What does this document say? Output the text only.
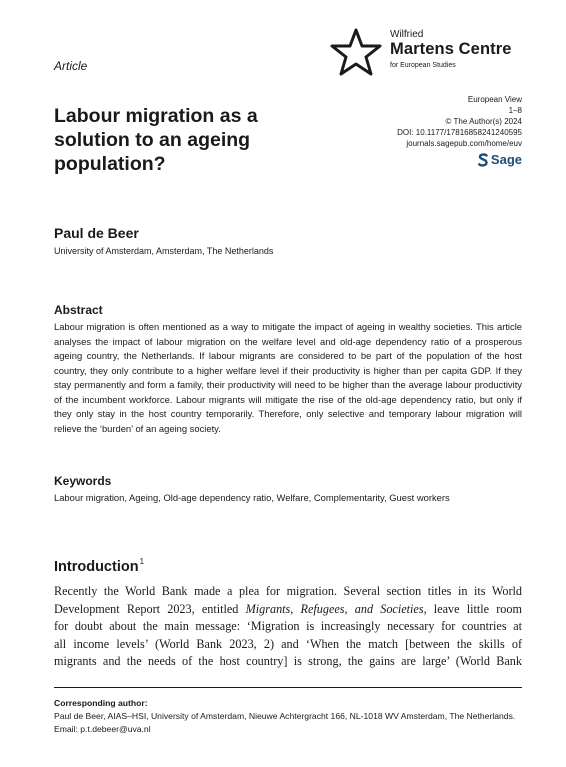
Article
Wilfried
Martens Centre
for European Studies
Labour migration as a solution to an ageing population?
European View
1–8
© The Author(s) 2024
DOI: 10.1177/17816858241240595
journals.sagepub.com/home/euv
Sage
Paul de Beer
University of Amsterdam, Amsterdam, The Netherlands
Abstract
Labour migration is often mentioned as a way to mitigate the impact of ageing in wealthy societies. This article analyses the impact of labour migration on the welfare level and old-age dependency ratio of a prosperous ageing country, the Netherlands. If labour migrants are considered to be part of the population of the host country, they only contribute to a higher welfare level if their productivity is higher than per capita GDP. If they stay permanently and form a family, their productivity will need to be higher than the average labour productivity of the incumbent workforce. Labour migrants will mitigate the rise of the old-age dependency ratio, but only if they only stay in the host country temporarily. Therefore, only selective and temporary labour migration will relieve the ‘burden’ of an ageing society.
Keywords
Labour migration, Ageing, Old-age dependency ratio, Welfare, Complementarity, Guest workers
Introduction$^1$
Recently the World Bank made a plea for migration. Several section titles in its World
Development Report 2023, entitled Migrants, Refugees, and Societies, leave little room
for doubt about the main message: ‘Migration is increasingly necessary for countries at
all income levels’ (World Bank 2023, 2) and ‘When the match [between the skills of
migrants and the needs of the host country] is strong, the gains are large’ (World Bank
Corresponding author:
Paul de Beer, AIAS–HSI, University of Amsterdam, Nieuwe Achtergracht 166, NL-1018 WV Amsterdam, The Netherlands.
Email: p.t.debeer@uva.nl
